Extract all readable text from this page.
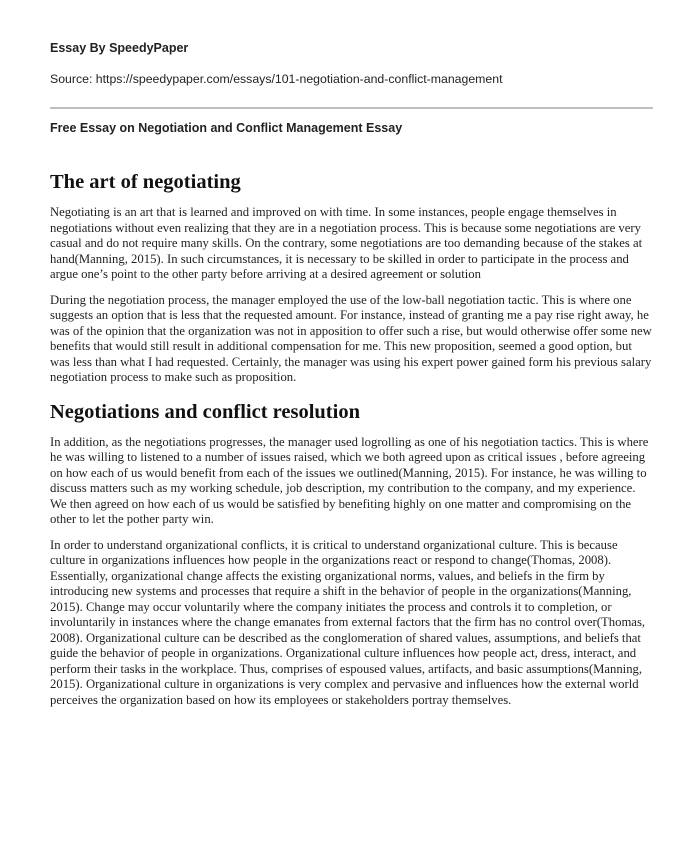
Essay By SpeedyPaper
Source: https://speedypaper.com/essays/101-negotiation-and-conflict-management
Free Essay on Negotiation and Conflict Management Essay
The art of negotiating

Negotiating is an art that is learned and improved on with time. In some instances, people engage themselves in negotiations without even realizing that they are in a negotiation process. This is because some negotiations are very casual and do not require many skills. On the contrary, some negotiations are too demanding because of the stakes at hand(Manning, 2015). In such circumstances, it is necessary to be skilled in order to participate in the process and argue one’s point to the other party before arriving at a desired agreement or solution

During the negotiation process, the manager employed the use of the low-ball negotiation tactic. This is where one suggests an option that is less that the requested amount. For instance, instead of granting me a pay rise right away, he was of the opinion that the organization was not in apposition to offer such a rise, but would otherwise offer some new benefits that would still result in additional compensation for me. This new proposition, seemed a good option, but was less than what I had requested. Certainly, the manager was using his expert power gained form his previous salary negotiation process to make such as proposition.

Negotiations and conflict resolution

In addition, as the negotiations progresses, the manager used logrolling as one of his negotiation tactics. This is where he was willing to listened to a number of issues raised, which we both agreed upon as critical issues , before agreeing on how each of us would benefit from each of the issues we outlined(Manning, 2015). For instance, he was willing to discuss matters such as my working schedule, job description, my contribution to the company, and my experience. We then agreed on how each of us would be satisfied by benefiting highly on one matter and compromising on the other to let the pother party win.

In order to understand organizational conflicts, it is critical to understand organizational culture. This is because culture in organizations influences how people in the organizations react or respond to change(Thomas, 2008). Essentially, organizational change affects the existing organizational norms, values, and beliefs in the firm by introducing new systems and processes that require a shift in the behavior of people in the organizations(Manning, 2015). Change may occur voluntarily where the company initiates the process and controls it to completion, or involuntarily in instances where the change emanates from external factors that the firm has no control over(Thomas, 2008). Organizational culture can be described as the conglomeration of shared values, assumptions, and beliefs that guide the behavior of people in organizations. Organizational culture influences how people act, dress, interact, and perform their tasks in the workplace. Thus, comprises of espoused values, artifacts, and basic assumptions(Manning, 2015). Organizational culture in organizations is very complex and pervasive and influences how the external world perceives the organization based on how its employees or stakeholders portray themselves.
